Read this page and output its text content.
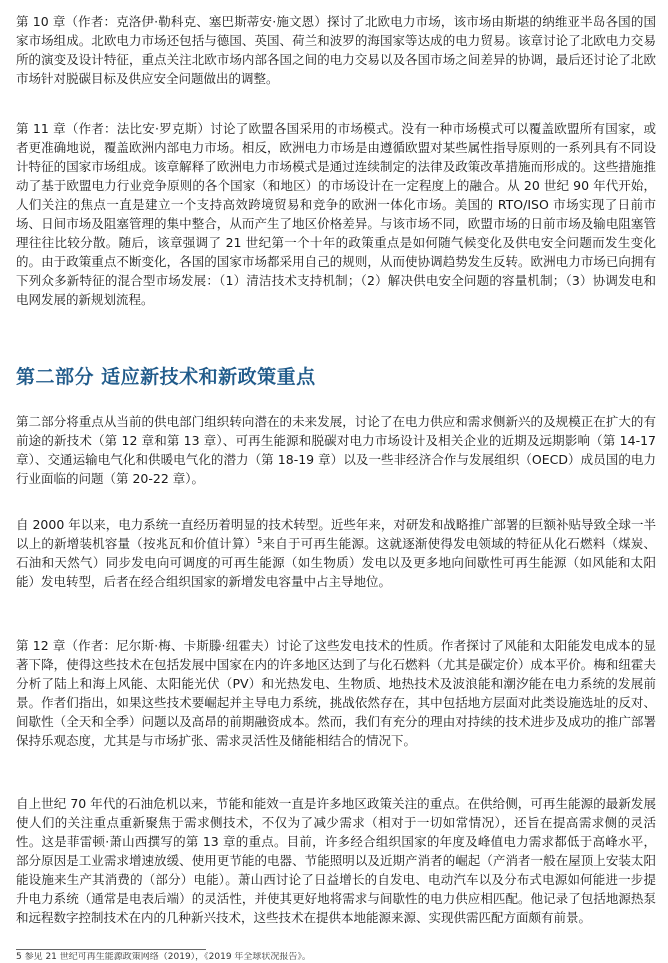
第 10 章（作者：克洛伊·勒科克、塞巴斯蒂安·施文恩）探讨了北欧电力市场，该市场由斯堪的纳维亚半岛各国的国家市场组成。北欧电力市场还包括与德国、英国、荷兰和波罗的海国家等达成的电力贸易。该章讨论了北欧电力交易所的演变及设计特征，重点关注北欧市场内部各国之间的电力交易以及各国市场之间差异的协调，最后还讨论了北欧市场针对脱碳目标及供应安全问题做出的调整。

第 11 章（作者：法比安·罗克斯）讨论了欧盟各国采用的市场模式。没有一种市场模式可以覆盖欧盟所有国家，或者更准确地说，覆盖欧洲内部电力市场。相反，欧洲电力市场是由遵循欧盟对某些属性指导原则的一系列具有不同设计特征的国家市场组成。该章解释了欧洲电力市场模式是通过连续制定的法律及政策改革措施而形成的。这些措施推动了基于欧盟电力行业竞争原则的各个国家（和地区）的市场设计在一定程度上的融合。从 20 世纪 90 年代开始，人们关注的焦点一直是建立一个支持高效跨境贸易和竞争的欧洲一体化市场。美国的 RTO/ISO 市场实现了日前市场、日间市场及阻塞管理的集中整合，从而产生了地区价格差异。与该市场不同，欧盟市场的日前市场及输电阻塞管理往往比较分散。随后，该章强调了 21 世纪第一个十年的政策重点是如何随气候变化及供电安全问题而发生变化的。由于政策重点不断变化，各国的国家市场都采用自己的规则，从而使协调趋势发生反转。欧洲电力市场已向拥有下列众多新特征的混合型市场发展：（1）清洁技术支持机制；（2）解决供电安全问题的容量机制；（3）协调发电和电网发展的新规划流程。

第二部分 适应新技术和新政策重点

第二部分将重点从当前的供电部门组织转向潜在的未来发展，讨论了在电力供应和需求侧新兴的及规模正在扩大的有前途的新技术（第 12 章和第 13 章）、可再生能源和脱碳对电力市场设计及相关企业的近期及远期影响（第 14-17 章）、交通运输电气化和供暖电气化的潜力（第 18-19 章）以及一些非经济合作与发展组织（OECD）成员国的电力行业面临的问题（第 20-22 章）。

自 2000 年以来，电力系统一直经历着明显的技术转型。近些年来，对研发和战略推广部署的巨额补贴导致全球一半以上的新增装机容量（按兆瓦和价值计算）$^5$来自于可再生能源。这就逐渐使得发电领域的特征从化石燃料（煤炭、石油和天然气）同步发电向可调度的可再生能源（如生物质）发电以及更多地向间歇性可再生能源（如风能和太阳能）发电转型，后者在经合组织国家的新增发电容量中占主导地位。

第 12 章（作者：尼尔斯·梅、卡斯滕·纽霍夫）讨论了这些发电技术的性质。作者探讨了风能和太阳能发电成本的显著下降，使得这些技术在包括发展中国家在内的许多地区达到了与化石燃料（尤其是碳定价）成本平价。梅和纽霍夫分析了陆上和海上风能、太阳能光伏（PV）和光热发电、生物质、地热技术及波浪能和潮汐能在电力系统的发展前景。作者们指出，如果这些技术要崛起并主导电力系统，挑战依然存在，其中包括地方层面对此类设施选址的反对、间歇性（全天和全季）问题以及高昂的前期融资成本。然而，我们有充分的理由对持续的技术进步及成功的推广部署保持乐观态度，尤其是与市场扩张、需求灵活性及储能相结合的情况下。

自上世纪 70 年代的石油危机以来，节能和能效一直是许多地区政策关注的重点。在供给侧，可再生能源的最新发展使人们的关注重点重新聚焦于需求侧技术，不仅为了减少需求（相对于一切如常情况），还旨在提高需求侧的灵活性。这是菲雷顿·萧山西撰写的第 13 章的重点。目前，许多经合组织国家的年度及峰值电力需求都低于高峰水平，部分原因是工业需求增速放缓、使用更节能的电器、节能照明以及近期产消者的崛起（产消者一般在屋顶上安装太阳能设施来生产其消费的（部分）电能）。萧山西讨论了日益增长的自发电、电动汽车以及分布式电源如何能进一步提升电力系统（通常是电表后端）的灵活性，并使其更好地将需求与间歇性的电力供应相匹配。他记录了包括地源热泵和远程数字控制技术在内的几种新兴技术，这些技术在提供本地能源来源、实现供需匹配方面颇有前景。

5 参见 21 世纪可再生能源政策网络（2019），《2019 年全球状况报告》。
